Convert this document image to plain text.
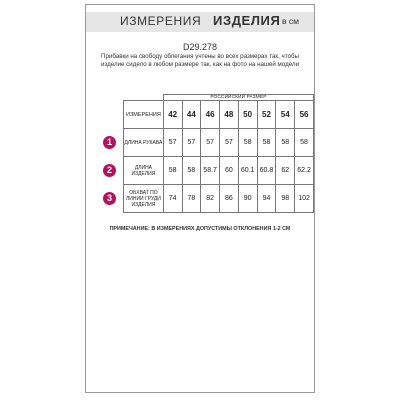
ИЗМЕРЕНИЯ ИЗДЕЛИЯ в см
D29.278
Прибавки на свободу облегания учтены во всех размерах так, чтобы изделие сидело в любом размере так, как на фото на нашей модели
		РОССИЙСКИЙ РАЗМЕР							
	ИЗМЕРЕНИЯ	42	44	46	48	50	52	54	56

1	ДЛИНА РУКАВА	57	57	57	57	58	58	58	58

2	ДЛИНА ИЗДЕЛИЯ	58	58	58.7	60	60.1	60.8	62	62.2

3	ОБХВАТ ПО ЛИНИИ ГРУДИ ИЗДЕЛИЯ	74	78	82	86	90	94	98	102
ПРИМЕЧАНИЕ: В ИЗМЕРЕНИЯХ ДОПУСТИМЫ ОТКЛОНЕНИЯ 1-2 СМ
